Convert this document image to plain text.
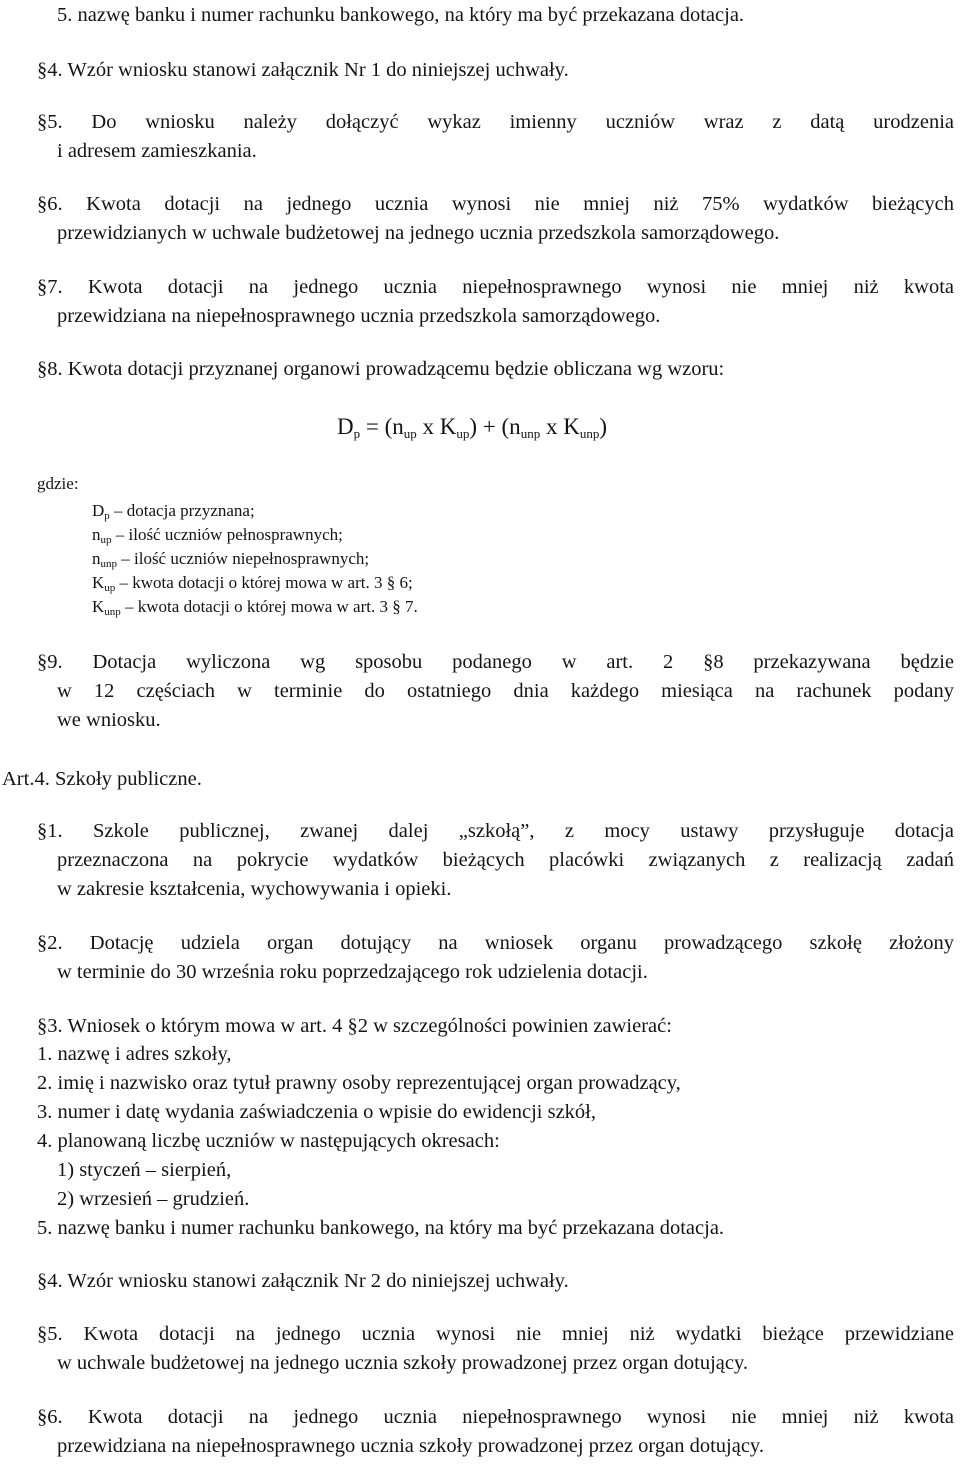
5. nazwę banku i numer rachunku bankowego, na który ma być przekazana dotacja.
§4. Wzór wniosku stanowi załącznik Nr 1 do niniejszej uchwały.
§5. Do wniosku należy dołączyć wykaz imienny uczniów wraz z datą urodzenia
i adresem zamieszkania.
§6. Kwota dotacji na jednego ucznia wynosi nie mniej niż 75% wydatków bieżących
przewidzianych w uchwale budżetowej na jednego ucznia przedszkola samorządowego.
§7. Kwota dotacji na jednego ucznia niepełnosprawnego wynosi nie mniej niż kwota
przewidziana na niepełnosprawnego ucznia przedszkola samorządowego.
§8. Kwota dotacji przyznanej organowi prowadzącemu będzie obliczana wg wzoru:
$D_p = (n_{up}$ x $K_{up}) + (n_{unp}$ x $K_{unp}$)
gdzie:
$D_p$ – dotacja przyznana;
$n_{up}$ – ilość uczniów pełnosprawnych;
$n_{unp}$ – ilość uczniów niepełnosprawnych;
$K_{up}$ – kwota dotacji o której mowa w art. 3 § 6;
$K_{unp}$ – kwota dotacji o której mowa w art. 3 § 7.
§9. Dotacja wyliczona wg sposobu podanego w art. 2 §8 przekazywana będzie
w 12 częściach w terminie do ostatniego dnia każdego miesiąca na rachunek podany
we wniosku.
Art.4. Szkoły publiczne.
§1. Szkole publicznej, zwanej dalej „szkołą”, z mocy ustawy przysługuje dotacja
przeznaczona na pokrycie wydatków bieżących placówki związanych z realizacją zadań
w zakresie kształcenia, wychowywania i opieki.
§2. Dotację udziela organ dotujący na wniosek organu prowadzącego szkołę złożony
w terminie do 30 września roku poprzedzającego rok udzielenia dotacji.
§3. Wniosek o którym mowa w art. 4 §2 w szczególności powinien zawierać:
1. nazwę i adres szkoły,
2. imię i nazwisko oraz tytuł prawny osoby reprezentującej organ prowadzący,
3. numer i datę wydania zaświadczenia o wpisie do ewidencji szkół,
4. planowaną liczbę uczniów w następujących okresach:
1) styczeń – sierpień,
2) wrzesień – grudzień.
5. nazwę banku i numer rachunku bankowego, na który ma być przekazana dotacja.
§4. Wzór wniosku stanowi załącznik Nr 2 do niniejszej uchwały.
§5. Kwota dotacji na jednego ucznia wynosi nie mniej niż wydatki bieżące przewidziane
w uchwale budżetowej na jednego ucznia szkoły prowadzonej przez organ dotujący.
§6. Kwota dotacji na jednego ucznia niepełnosprawnego wynosi nie mniej niż kwota
przewidziana na niepełnosprawnego ucznia szkoły prowadzonej przez organ dotujący.
